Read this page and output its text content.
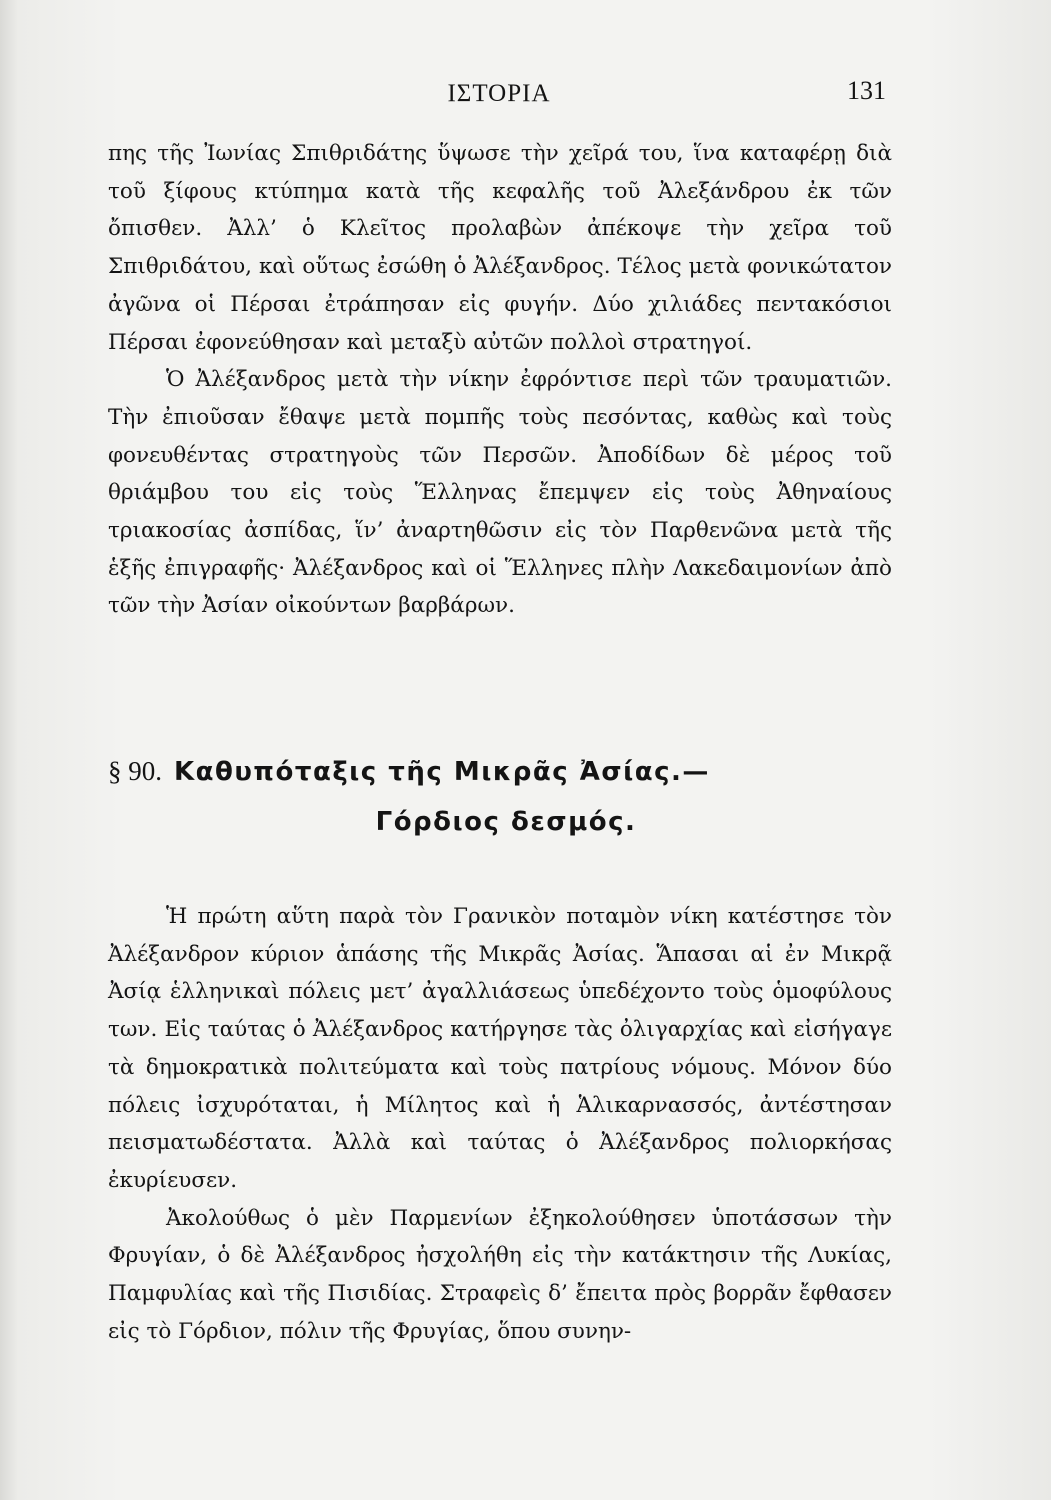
ΙΣΤΟΡΙΑ	131

πης τῆς Ἰωνίας Σπιθριδάτης ὕψωσε τὴν χεῖρά του, ἵνα καταφέρῃ διὰ τοῦ ξίφους κτύπημα κατὰ τῆς κεφαλῆς τοῦ Ἀλεξάνδρου ἐκ τῶν ὄπισθεν. Ἀλλ’ ὁ Κλεῖτος προλαβὼν ἀπέκοψε τὴν χεῖρα τοῦ Σπιθριδάτου, καὶ οὕτως ἐσώθη ὁ Ἀλέξανδρος. Τέλος μετὰ φονικώτατον ἀγῶνα οἱ Πέρσαι ἐτράπησαν εἰς φυγήν. Δύο χιλιάδες πεντακόσιοι Πέρσαι ἐφονεύθησαν καὶ μεταξὺ αὐτῶν πολλοὶ στρατηγοί.

Ὁ Ἀλέξανδρος μετὰ τὴν νίκην ἐφρόντισε περὶ τῶν τραυματιῶν. Τὴν ἐπιοῦσαν ἔθαψε μετὰ πομπῆς τοὺς πεσόντας, καθὼς καὶ τοὺς φονευθέντας στρατηγοὺς τῶν Περσῶν. Ἀποδίδων δὲ μέρος τοῦ θριάμβου του εἰς τοὺς Ἕλληνας ἔπεμψεν εἰς τοὺς Ἀθηναίους τριακοσίας ἀσπίδας, ἵν’ ἀναρτηθῶσιν εἰς τὸν Παρθενῶνα μετὰ τῆς ἑξῆς ἐπιγραφῆς· Ἀλέξανδρος καὶ οἱ Ἕλληνες πλὴν Λακεδαιμονίων ἀπὸ τῶν τὴν Ἀσίαν οἰκούντων βαρβάρων.

§ 90. Καθυπόταξις τῆς Μικρᾶς Ἀσίας.—
Γόρδιος δεσμός.

Ἡ πρώτη αὕτη παρὰ τὸν Γρανικὸν ποταμὸν νίκη κατέστησε τὸν Ἀλέξανδρον κύριον ἁπάσης τῆς Μικρᾶς Ἀσίας. Ἅπασαι αἱ ἐν Μικρᾷ Ἀσίᾳ ἑλληνικαὶ πόλεις μετ’ ἀγαλλιάσεως ὑπεδέχοντο τοὺς ὁμοφύλους των. Εἰς ταύτας ὁ Ἀλέξανδρος κατήργησε τὰς ὀλιγαρχίας καὶ εἰσήγαγε τὰ δημοκρατικὰ πολιτεύματα καὶ τοὺς πατρίους νόμους. Μόνον δύο πόλεις ἰσχυρόταται, ἡ Μίλητος καὶ ἡ Ἁλικαρνασσός, ἀντέστησαν πεισματωδέστατα. Ἀλλὰ καὶ ταύτας ὁ Ἀλέξανδρος πολιορκήσας ἐκυρίευσεν.

Ἀκολούθως ὁ μὲν Παρμενίων ἐξηκολούθησεν ὑποτάσσων τὴν Φρυγίαν, ὁ δὲ Ἀλέξανδρος ἠσχολήθη εἰς τὴν κατάκτησιν τῆς Λυκίας, Παμφυλίας καὶ τῆς Πισιδίας. Στραφεὶς δ’ ἔπειτα πρὸς βορρᾶν ἔφθασεν εἰς τὸ Γόρδιον, πόλιν τῆς Φρυγίας, ὅπου συνην-
